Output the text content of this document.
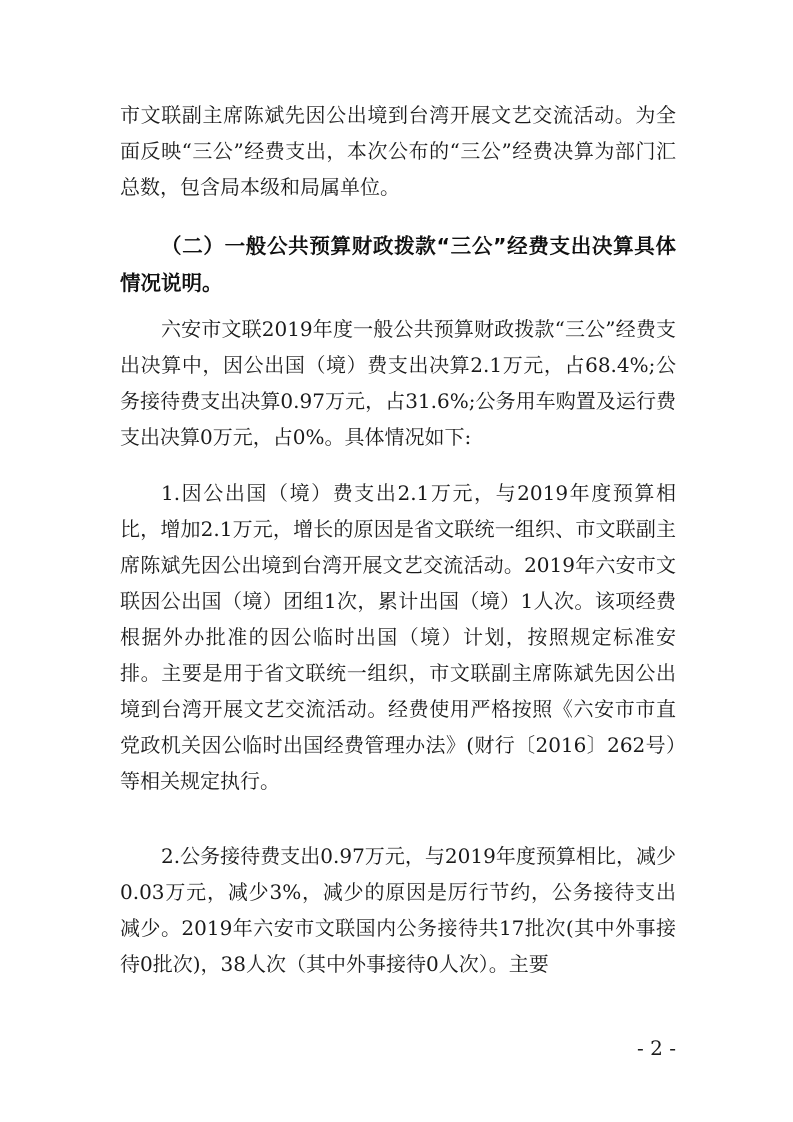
市文联副主席陈斌先因公出境到台湾开展文艺交流活动。为全面反映“三公”经费支出，本次公布的“三公”经费决算为部门汇总数，包含局本级和局属单位。
（二）一般公共预算财政拨款“三公”经费支出决算具体情况说明。
六安市文联2019年度一般公共预算财政拨款“三公”经费支出决算中，因公出国（境）费支出决算2.1万元，占68.4%;公务接待费支出决算0.97万元，占31.6%;公务用车购置及运行费支出决算0万元，占0%。具体情况如下:
1.因公出国（境）费支出2.1万元，与2019年度预算相比，增加2.1万元，增长的原因是省文联统一组织、市文联副主席陈斌先因公出境到台湾开展文艺交流活动。2019年六安市文联因公出国（境）团组1次，累计出国（境）1人次。该项经费根据外办批准的因公临时出国（境）计划，按照规定标准安排。主要是用于省文联统一组织，市文联副主席陈斌先因公出境到台湾开展文艺交流活动。经费使用严格按照《六安市市直党政机关因公临时出国经费管理办法》(财行〔2016〕262号）等相关规定执行。
2.公务接待费支出0.97万元，与2019年度预算相比，减少0.03万元，减少3%，减少的原因是厉行节约，公务接待支出减少。2019年六安市文联国内公务接待共17批次(其中外事接待0批次)，38人次（其中外事接待0人次）。主要
- 2 -
